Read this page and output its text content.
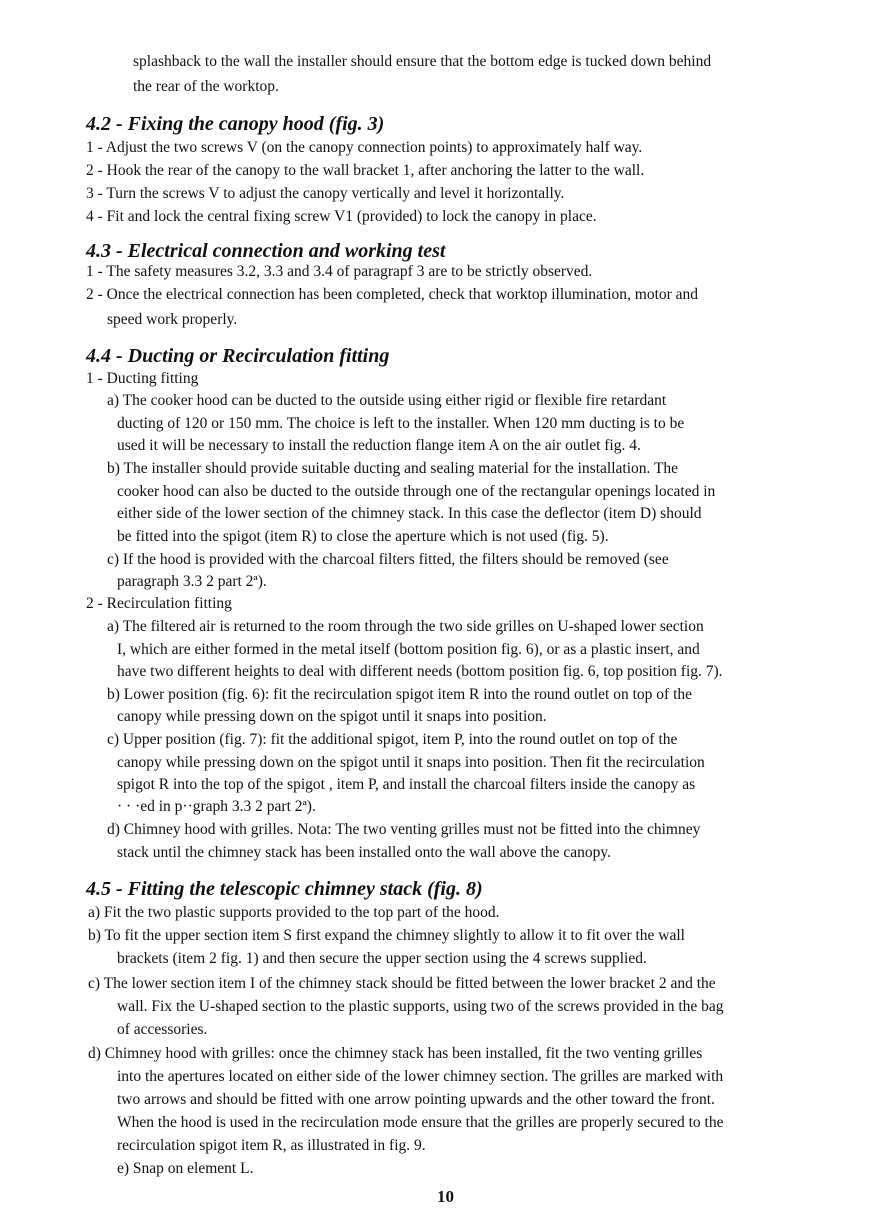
splashback to the wall the installer should ensure that the bottom edge is tucked down behind
the rear of the worktop.
4.2 - Fixing the canopy hood (fig. 3)
1 - Adjust the two screws V (on the canopy connection points) to approximately half way.
2 - Hook the rear of the canopy to the wall bracket 1, after anchoring the latter to the wall.
3 - Turn the screws V to adjust the canopy vertically and level it horizontally.
4 - Fit and lock the central fixing screw V1 (provided) to lock the canopy in place.
4.3 - Electrical connection and working test
1 - The safety measures 3.2, 3.3 and 3.4 of paragrapf 3 are to be strictly observed.
2 - Once the electrical connection has been completed, check that worktop illumination, motor and
speed work properly.
4.4 - Ducting or Recirculation fitting
1 - Ducting fitting
a) The cooker hood can be ducted to the outside using either rigid or flexible fire retardant
ducting of 120 or 150 mm. The choice is left to the installer. When 120 mm ducting is to be
used it will be necessary to install the reduction flange item A on the air outlet fig. 4.
b) The installer should provide suitable ducting and sealing material for the installation. The
cooker hood can also be ducted to the outside through one of the rectangular openings located in
either side of the lower section of the chimney stack. In this case the deflector (item D) should
be fitted into the spigot (item R) to close the aperture which is not used (fig. 5).
c) If the hood is provided with the charcoal filters fitted, the filters should be removed (see
paragraph 3.3 2 part 2ª).
2 - Recirculation fitting
a) The filtered air is returned to the room through the two side grilles on U-shaped lower section
I, which are either formed in the metal itself (bottom position fig. 6), or as a plastic insert, and
have two different heights to deal with different needs (bottom position fig. 6, top position fig. 7).
b) Lower position (fig. 6): fit the recirculation spigot item R into the round outlet on top of the
canopy while pressing down on the spigot until it snaps into position.
c) Upper position (fig. 7): fit the additional spigot, item P, into the round outlet on top of the
canopy while pressing down on the spigot until it snaps into position. Then fit the recirculation
spigot R into the top of the spigot , item P, and install the charcoal filters inside the canopy as
· · ·ed in p··graph 3.3 2 part 2ª).
d) Chimney hood with grilles. Nota: The two venting grilles must not be fitted into the chimney
stack until the chimney stack has been installed onto the wall above the canopy.
4.5 - Fitting the telescopic chimney stack (fig. 8)
a) Fit the two plastic supports provided to the top part of the hood.
b) To fit the upper section item S first expand the chimney slightly to allow it to fit over the wall
brackets (item 2 fig. 1) and then secure the upper section using the 4 screws supplied.
c) The lower section item I of the chimney stack should be fitted between the lower bracket 2 and the
wall. Fix the U-shaped section to the plastic supports, using two of the screws provided in the bag
of accessories.
d) Chimney hood with grilles: once the chimney stack has been installed, fit the two venting grilles
into the apertures located on either side of the lower chimney section. The grilles are marked with
two arrows and should be fitted with one arrow pointing upwards and the other toward the front.
When the hood is used in the recirculation mode ensure that the grilles are properly secured to the
recirculation spigot item R, as illustrated in fig. 9.
e) Snap on element L.
10
